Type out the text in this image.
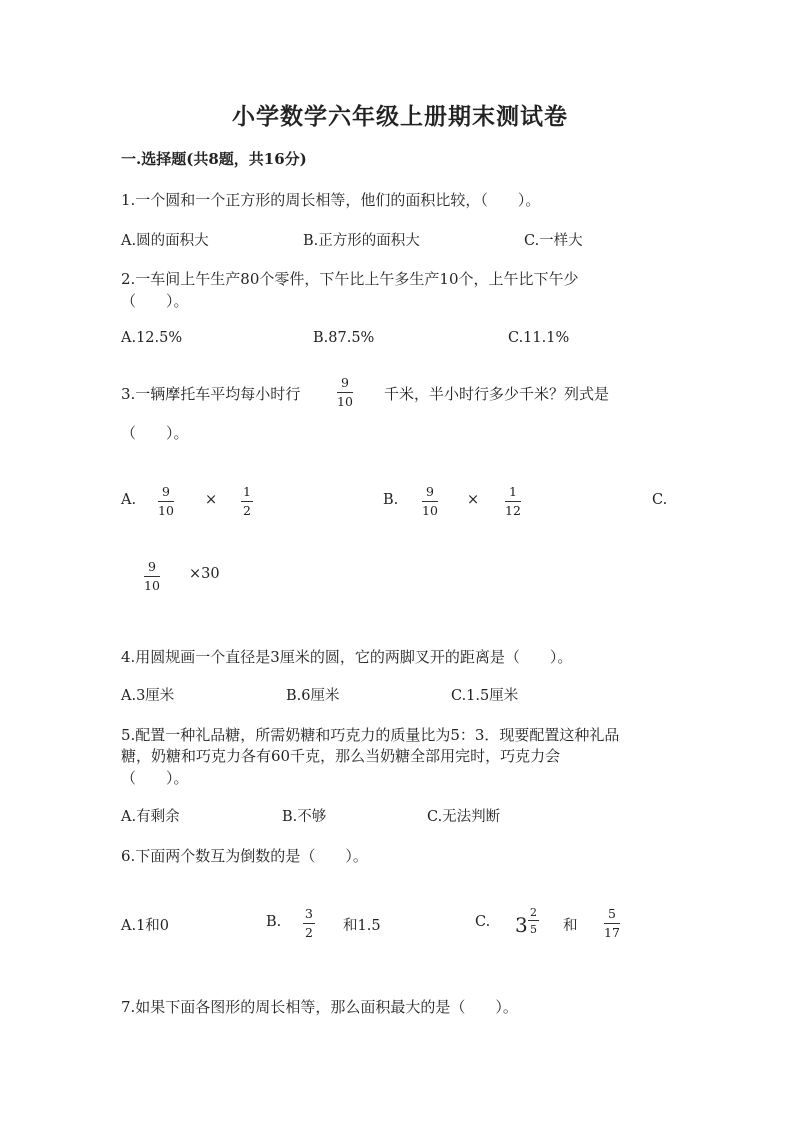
小学数学六年级上册期末测试卷
一.选择题(共8题，共16分)
1.一个圆和一个正方形的周长相等，他们的面积比较，（　　）。
A.圆的面积大	B.正方形的面积大	C.一样大
2.一车间上午生产80个零件，下午比上午多生产10个，上午比下午少
（　　）。
A.12.5%	B.87.5%	C.11.1%
3.一辆摩托车平均每小时行
9
10 千米，半小时行多少千米？列式是
（　　）。
A.
9
10
×
1
2
B.
9
10
×
1
12
C.
9
10
×30
4.用圆规画一个直径是3厘米的圆，它的两脚叉开的距离是（　　）。
A.3厘米	B.6厘米	C.1.5厘米
5.配置一种礼品糖，所需奶糖和巧克力的质量比为5：3．现要配置这种礼品
糖，奶糖和巧克力各有60千克，那么当奶糖全部用完时，巧克力会
（　　）。
A.有剩余	B.不够	C.无法判断
6.下面两个数互为倒数的是（　　）。
A.1和0	B.
3
2 和1.5	C. 3
2
5 和
5
17
7.如果下面各图形的周长相等，那么面积最大的是（　　）。
